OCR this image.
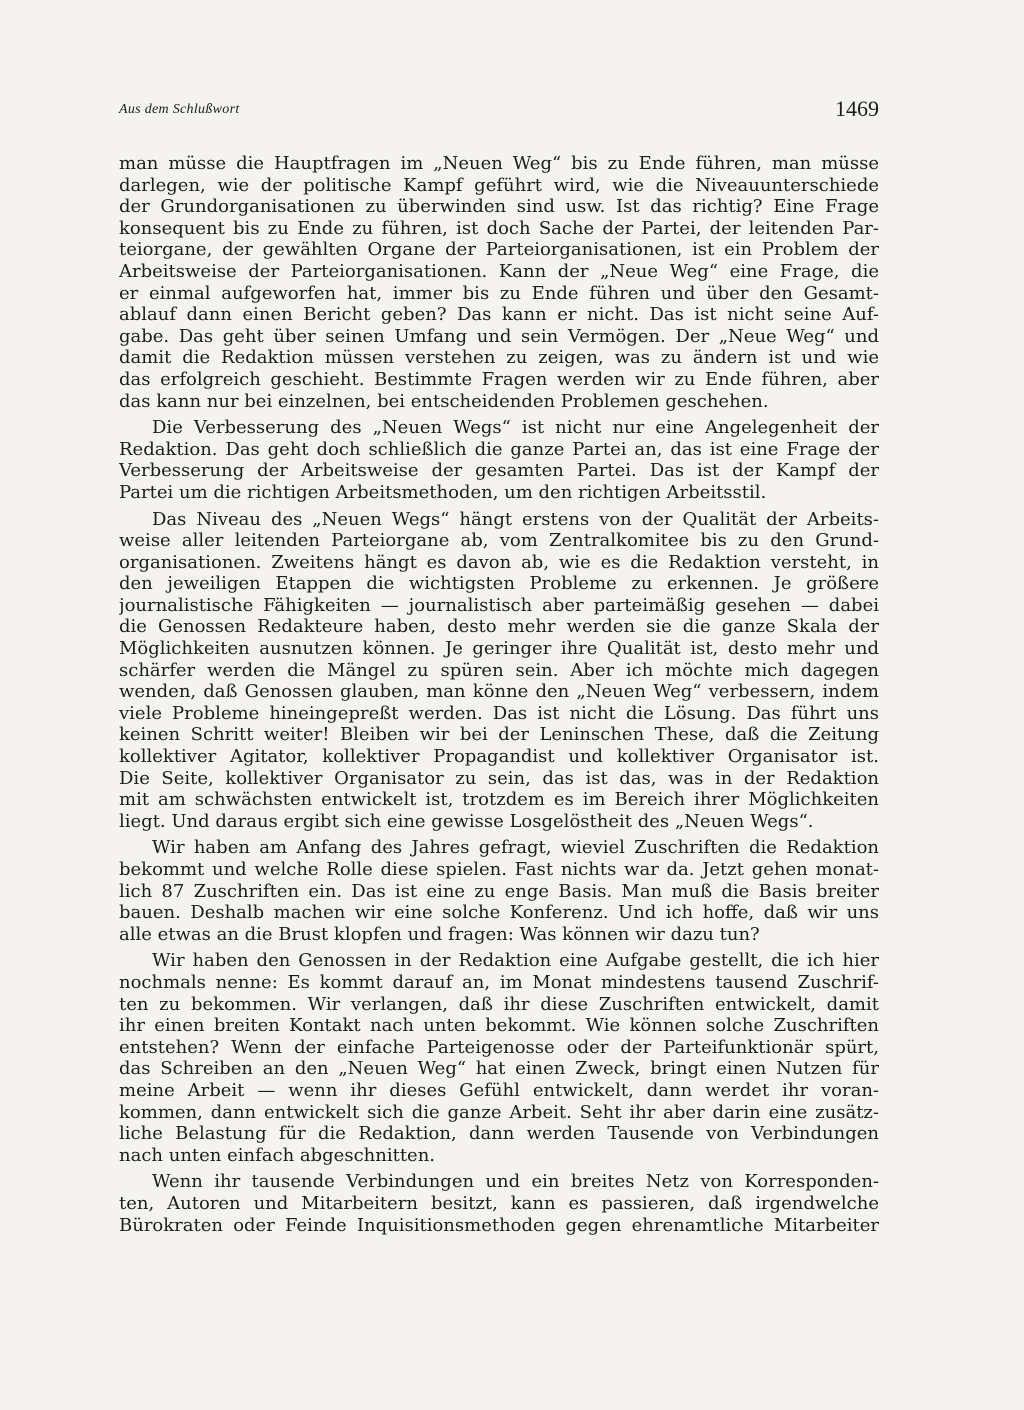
Aus dem Schlußwort	1469
man müsse die Hauptfragen im „Neuen Weg“ bis zu Ende führen, man müsse
darlegen, wie der politische Kampf geführt wird, wie die Niveauunterschiede
der Grundorganisationen zu überwinden sind usw. Ist das richtig? Eine Frage
konsequent bis zu Ende zu führen, ist doch Sache der Partei, der leitenden Par-
teiorgane, der gewählten Organe der Parteiorganisationen, ist ein Problem der
Arbeitsweise der Parteiorganisationen. Kann der „Neue Weg“ eine Frage, die
er einmal aufgeworfen hat, immer bis zu Ende führen und über den Gesamt-
ablauf dann einen Bericht geben? Das kann er nicht. Das ist nicht seine Auf-
gabe. Das geht über seinen Umfang und sein Vermögen. Der „Neue Weg“ und
damit die Redaktion müssen verstehen zu zeigen, was zu ändern ist und wie
das erfolgreich geschieht. Bestimmte Fragen werden wir zu Ende führen, aber
das kann nur bei einzelnen, bei entscheidenden Problemen geschehen.
Die Verbesserung des „Neuen Wegs“ ist nicht nur eine Angelegenheit der
Redaktion. Das geht doch schließlich die ganze Partei an, das ist eine Frage der
Verbesserung der Arbeitsweise der gesamten Partei. Das ist der Kampf der
Partei um die richtigen Arbeitsmethoden, um den richtigen Arbeitsstil.
Das Niveau des „Neuen Wegs“ hängt erstens von der Qualität der Arbeits-
weise aller leitenden Parteiorgane ab, vom Zentralkomitee bis zu den Grund-
organisationen. Zweitens hängt es davon ab, wie es die Redaktion versteht, in
den jeweiligen Etappen die wichtigsten Probleme zu erkennen. Je größere
journalistische Fähigkeiten — journalistisch aber parteimäßig gesehen — dabei
die Genossen Redakteure haben, desto mehr werden sie die ganze Skala der
Möglichkeiten ausnutzen können. Je geringer ihre Qualität ist, desto mehr und
schärfer werden die Mängel zu spüren sein. Aber ich möchte mich dagegen
wenden, daß Genossen glauben, man könne den „Neuen Weg“ verbessern, indem
viele Probleme hineingepreßt werden. Das ist nicht die Lösung. Das führt uns
keinen Schritt weiter! Bleiben wir bei der Leninschen These, daß die Zeitung
kollektiver Agitator, kollektiver Propagandist und kollektiver Organisator ist.
Die Seite, kollektiver Organisator zu sein, das ist das, was in der Redaktion
mit am schwächsten entwickelt ist, trotzdem es im Bereich ihrer Möglichkeiten
liegt. Und daraus ergibt sich eine gewisse Losgelöstheit des „Neuen Wegs“.
Wir haben am Anfang des Jahres gefragt, wieviel Zuschriften die Redaktion
bekommt und welche Rolle diese spielen. Fast nichts war da. Jetzt gehen monat-
lich 87 Zuschriften ein. Das ist eine zu enge Basis. Man muß die Basis breiter
bauen. Deshalb machen wir eine solche Konferenz. Und ich hoffe, daß wir uns
alle etwas an die Brust klopfen und fragen: Was können wir dazu tun?
Wir haben den Genossen in der Redaktion eine Aufgabe gestellt, die ich hier
nochmals nenne: Es kommt darauf an, im Monat mindestens tausend Zuschrif-
ten zu bekommen. Wir verlangen, daß ihr diese Zuschriften entwickelt, damit
ihr einen breiten Kontakt nach unten bekommt. Wie können solche Zuschriften
entstehen? Wenn der einfache Parteigenosse oder der Parteifunktionär spürt,
das Schreiben an den „Neuen Weg“ hat einen Zweck, bringt einen Nutzen für
meine Arbeit — wenn ihr dieses Gefühl entwickelt, dann werdet ihr voran-
kommen, dann entwickelt sich die ganze Arbeit. Seht ihr aber darin eine zusätz-
liche Belastung für die Redaktion, dann werden Tausende von Verbindungen
nach unten einfach abgeschnitten.
Wenn ihr tausende Verbindungen und ein breites Netz von Korresponden-
ten, Autoren und Mitarbeitern besitzt, kann es passieren, daß irgendwelche
Bürokraten oder Feinde Inquisitionsmethoden gegen ehrenamtliche Mitarbeiter
